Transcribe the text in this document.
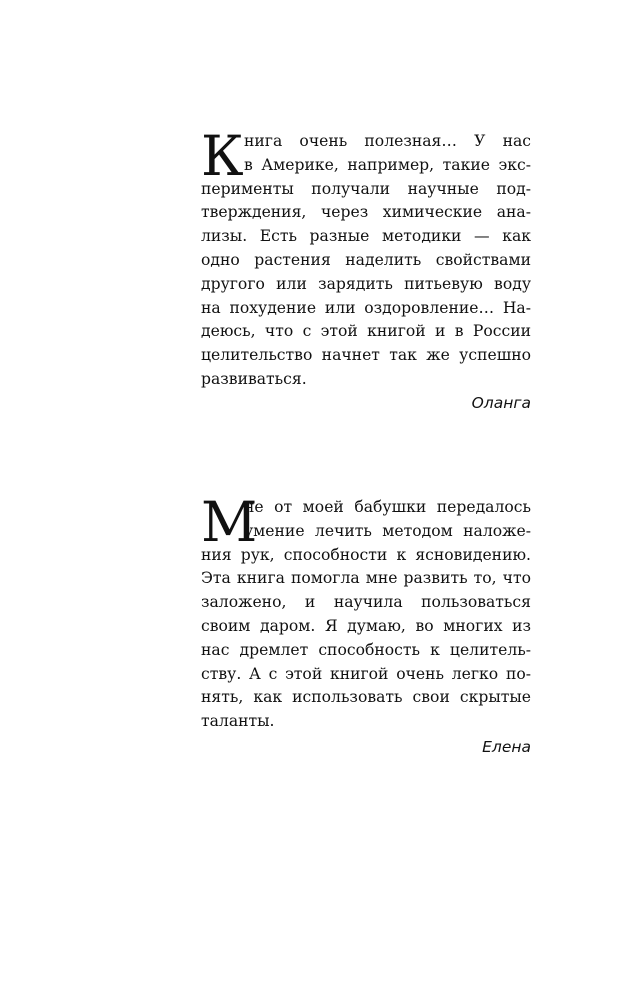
К нига очень полезная… У нас
в Америке, например, такие экс-
перименты получали научные под-
тверждения, через химические ана-
лизы. Есть разные методики — как
одно растения наделить свойствами
другого или зарядить питьевую воду
на похудение или оздоровление… На-
деюсь, что с этой книгой и в России
целительство начнет так же успешно
развиваться.
Оланга
М
не от моей бабушки передалось
умение лечить методом наложе-
ния рук, способности к ясновидению.
Эта книга помогла мне развить то, что
заложено, и научила пользоваться
своим даром. Я думаю, во многих из
нас дремлет способность к целитель-
ству. А с этой книгой очень легко по-
нять, как использовать свои скрытые
таланты.
Елена
